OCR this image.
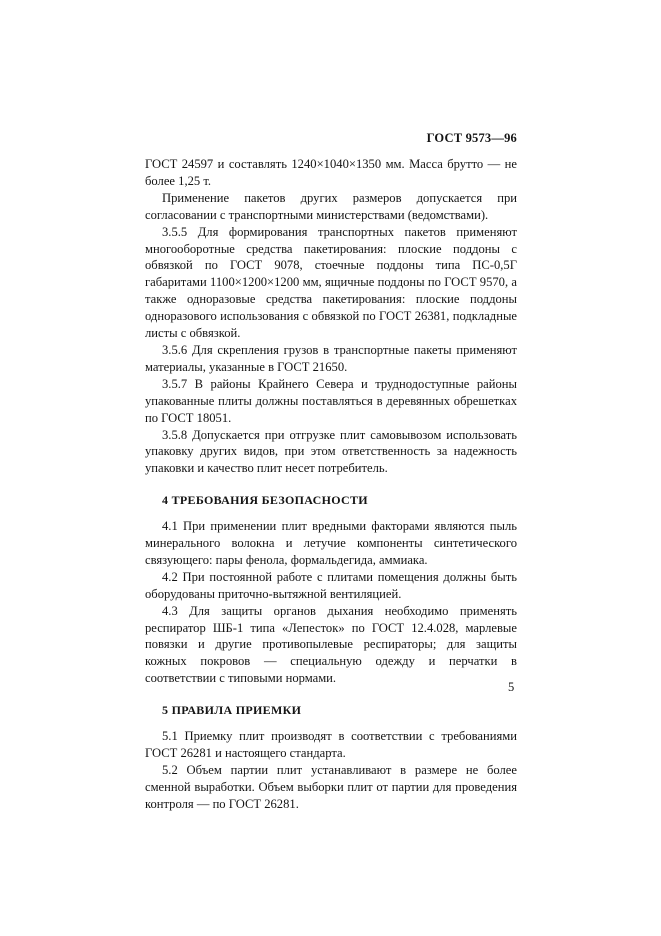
ГОСТ 9573—96

ГОСТ 24597 и составлять 1240×1040×1350 мм. Масса брутто — не более 1,25 т.

Применение пакетов других размеров допускается при согласовании с транспортными министерствами (ведомствами).

3.5.5 Для формирования транспортных пакетов применяют многооборотные средства пакетирования: плоские поддоны с обвязкой по ГОСТ 9078, стоечные поддоны типа ПС-0,5Г габаритами 1100×1200×1200 мм, ящичные поддоны по ГОСТ 9570, а также одноразовые средства пакетирования: плоские поддоны одноразового использования с обвязкой по ГОСТ 26381, подкладные листы с обвязкой.

3.5.6 Для скрепления грузов в транспортные пакеты применяют материалы, указанные в ГОСТ 21650.

3.5.7 В районы Крайнего Севера и труднодоступные районы упакованные плиты должны поставляться в деревянных обрешетках по ГОСТ 18051.

3.5.8 Допускается при отгрузке плит самовывозом использовать упаковку других видов, при этом ответственность за надежность упаковки и качество плит несет потребитель.

4 ТРЕБОВАНИЯ БЕЗОПАСНОСТИ

4.1 При применении плит вредными факторами являются пыль минерального волокна и летучие компоненты синтетического связующего: пары фенола, формальдегида, аммиака.

4.2 При постоянной работе с плитами помещения должны быть оборудованы приточно-вытяжной вентиляцией.

4.3 Для защиты органов дыхания необходимо применять респиратор ШБ-1 типа «Лепесток» по ГОСТ 12.4.028, марлевые повязки и другие противопылевые респираторы; для защиты кожных покровов — специальную одежду и перчатки в соответствии с типовыми нормами.

5 ПРАВИЛА ПРИЕМКИ

5.1 Приемку плит производят в соответствии с требованиями ГОСТ 26281 и настоящего стандарта.

5.2 Объем партии плит устанавливают в размере не более сменной выработки. Объем выборки плит от партии для проведения контроля — по ГОСТ 26281.

5
